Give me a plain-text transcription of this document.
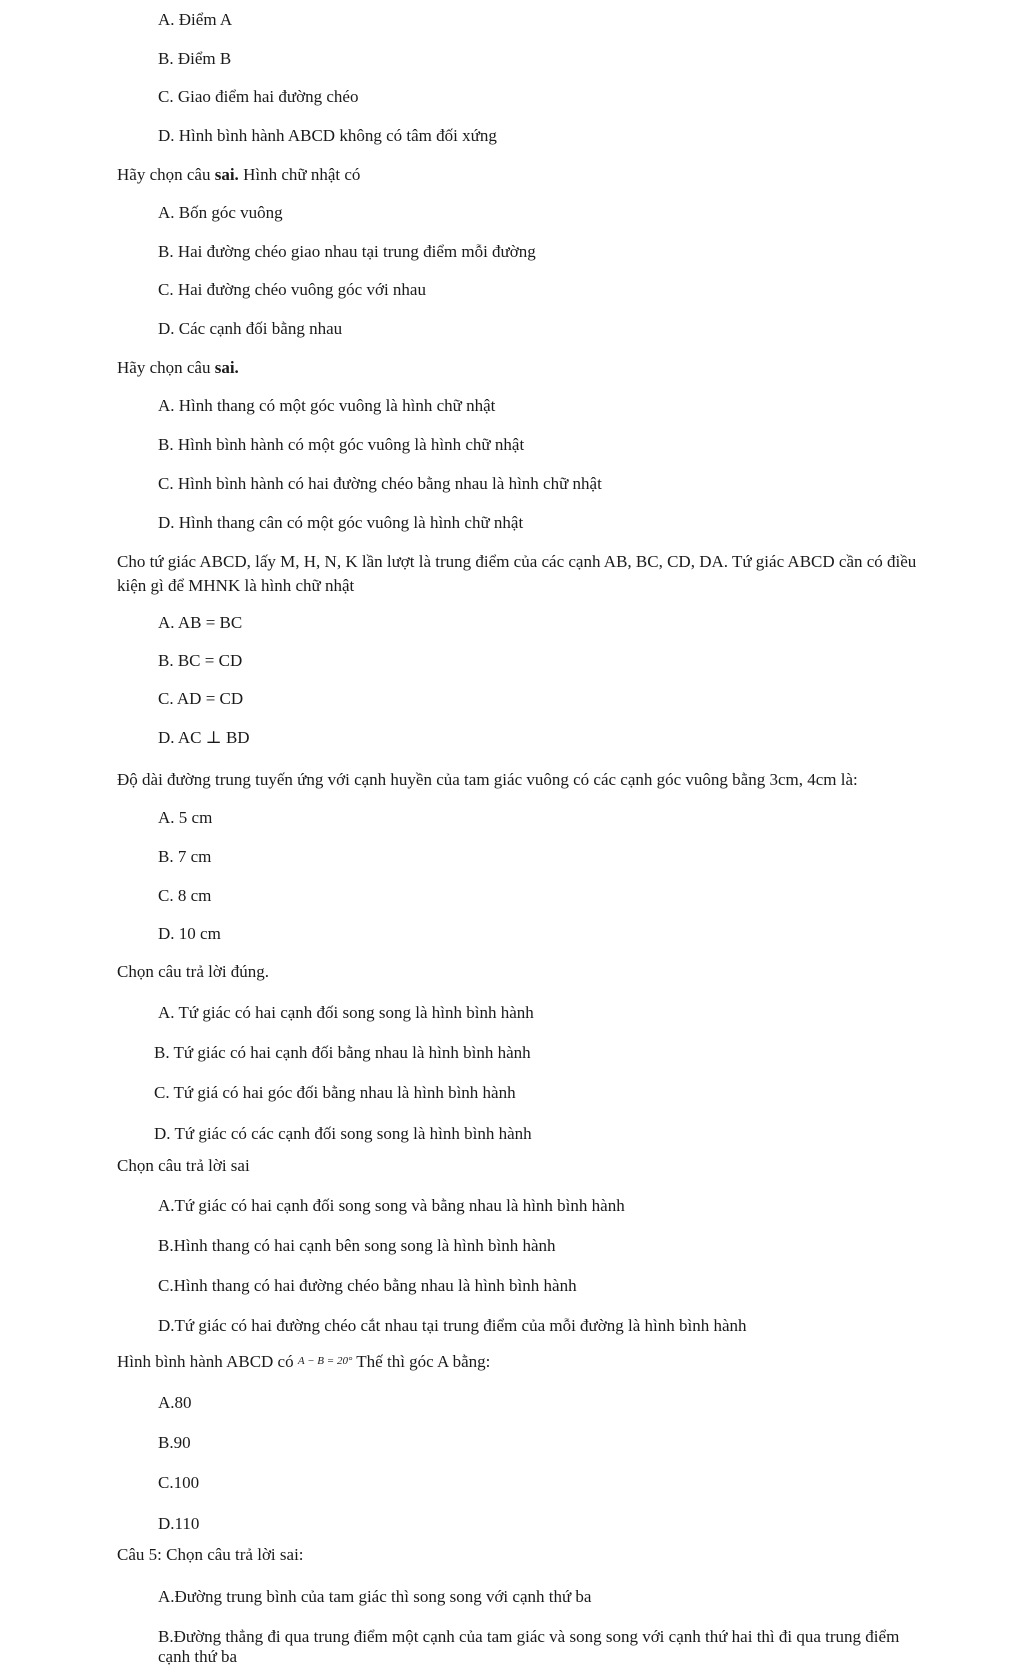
A. Điểm A
B. Điểm B
C. Giao điểm hai đường chéo
D. Hình bình hành ABCD không có tâm đối xứng
Hãy chọn câu sai. Hình chữ nhật có
A. Bốn góc vuông
B. Hai đường chéo giao nhau tại trung điểm mỗi đường
C. Hai đường chéo vuông góc với nhau
D. Các cạnh đối bằng nhau
Hãy chọn câu sai.
A. Hình thang có một góc vuông là hình chữ nhật
B. Hình bình hành có một góc vuông là hình chữ nhật
C. Hình bình hành có hai đường chéo bằng nhau là hình chữ nhật
D. Hình thang cân có một góc vuông là hình chữ nhật
Cho tứ giác ABCD, lấy M, H, N, K lần lượt là trung điểm của các cạnh AB, BC, CD, DA. Tứ giác ABCD cần có điều kiện gì để MHNK là hình chữ nhật
A. AB = BC
B. BC = CD
C. AD = CD
D. AC ⊥ BD
Độ dài đường trung tuyến ứng với cạnh huyền của tam giác vuông có các cạnh góc vuông bằng 3cm, 4cm là:
A. 5 cm
B. 7 cm
C. 8 cm
D. 10 cm
Chọn câu trả lời đúng.
A. Tứ giác có hai cạnh đối song song là hình bình hành
B. Tứ giác có hai cạnh đối bằng nhau là hình bình hành
C. Tứ giá có hai góc đối bằng nhau là hình bình hành
D. Tứ giác có các cạnh đối song song là hình bình hành
Chọn câu trả lời sai
A.Tứ giác có hai cạnh đối song song và bằng nhau là hình bình hành
B.Hình thang có hai cạnh bên song song là hình bình hành
C.Hình thang có hai đường chéo bằng nhau là hình bình hành
D.Tứ giác có hai đường chéo cắt nhau tại trung điểm của mỗi đường là hình bình hành
Hình bình hành ABCD có A − B = 20° Thế thì góc A bằng:
A.80
B.90
C.100
D.110
Câu 5: Chọn câu trả lời sai:
A.Đường trung bình của tam giác thì song song với cạnh thứ ba
B.Đường thẳng đi qua trung điểm một cạnh của tam giác và song song với cạnh thứ hai thì đi qua trung điểm cạnh thứ ba
